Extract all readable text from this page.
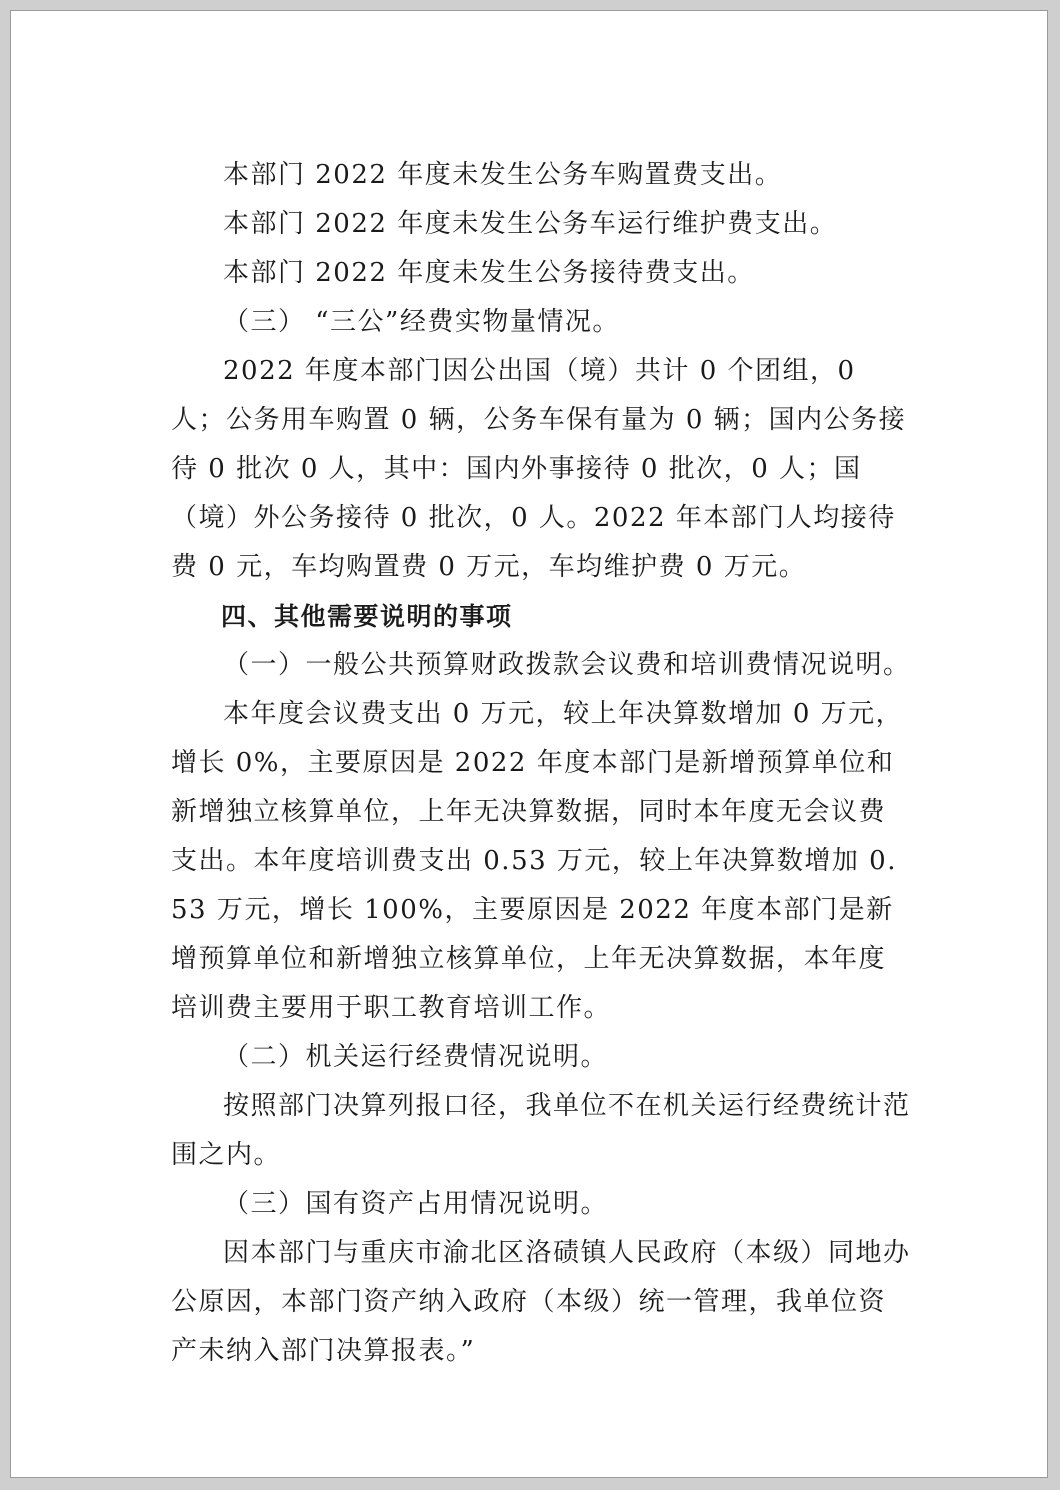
本部门 2022 年度未发生公务车购置费支出。

本部门 2022 年度未发生公务车运行维护费支出。

本部门 2022 年度未发生公务接待费支出。

（三） “三公”经费实物量情况。

2022 年度本部门因公出国（境）共计 0 个团组，0 人；公务用车购置 0 辆，公务车保有量为 0 辆；国内公务接待 0 批次 0 人，其中：国内外事接待 0 批次，0 人；国（境）外公务接待 0 批次，0 人。2022 年本部门人均接待费 0 元，车均购置费 0 万元，车均维护费 0 万元。

四、其他需要说明的事项

（一）一般公共预算财政拨款会议费和培训费情况说明。

本年度会议费支出 0 万元，较上年决算数增加 0 万元，增长 0%，主要原因是 2022 年度本部门是新增预算单位和新增独立核算单位，上年无决算数据，同时本年度无会议费支出。本年度培训费支出 0.53 万元，较上年决算数增加 0.53 万元，增长 100%，主要原因是 2022 年度本部门是新增预算单位和新增独立核算单位，上年无决算数据，本年度培训费主要用于职工教育培训工作。

（二）机关运行经费情况说明。

按照部门决算列报口径，我单位不在机关运行经费统计范围之内。

（三）国有资产占用情况说明。

因本部门与重庆市渝北区洛碛镇人民政府（本级）同地办公原因，本部门资产纳入政府（本级）统一管理，我单位资产未纳入部门决算报表。”
